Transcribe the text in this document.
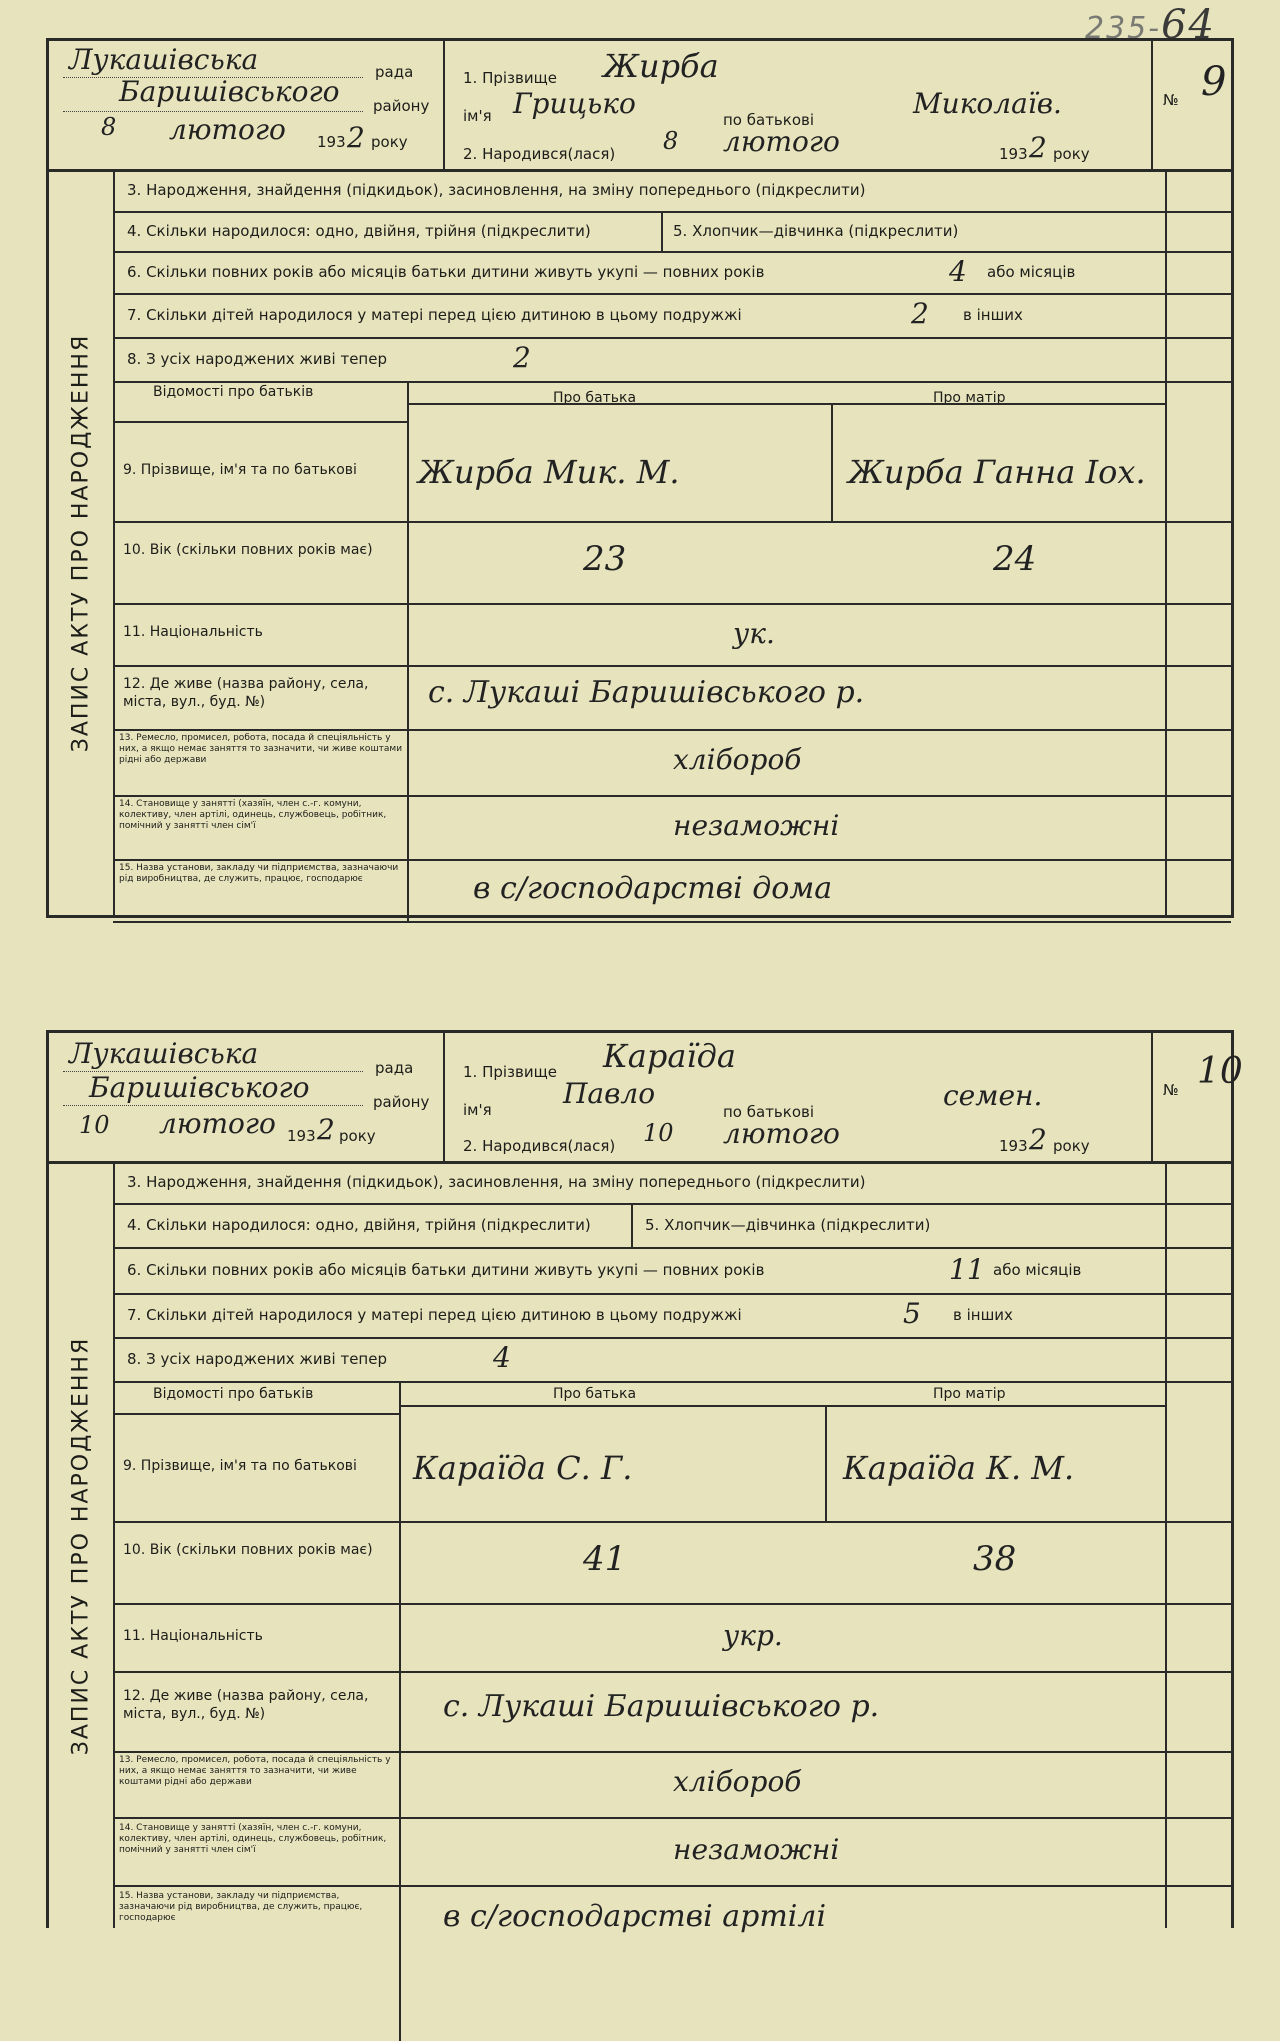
235-64
Лукашівська	рада
Баришівського району
8 лютого 193 2 року
1. Прізвище Жирба
ім'я Грицько	по батькові	Миколаїв.
2. Народився(лася) 8 лютого	193 2 року
№ 9
ЗАПИС АКТУ ПРО НАРОДЖЕННЯ
3. Народження, знайдення (підкидьок), засиновлення, на зміну попереднього (підкреслити)
4. Скільки народилося: одно, двійня, трійня (підкреслити)	5. Хлопчик—дівчинка (підкреслити)
6. Скільки повних років або місяців батьки дитини живуть укупі — повних років	4 або місяців
7. Скільки дітей народилося у матері перед цією дитиною в цьому подружжі	2 в інших
8. З усіх народжених живі тепер	2
Відомості про батьків	Про батька	Про матір
9. Прізвище, ім'я та по батькові Жирба Мик. М.	Жирба Ганна Іох.
10. Вік (скільки повних років має)	23	24
11. Національність	ук.
12. Де живе (назва району, села, міста, вул., буд. №)	с. Лукаші Баришівського р.
13. Ремесло, промисел, робота, посада й спеціяльність у них, а якщо немає заняття то зазначити, чи живе коштами рідні або держави	хлібороб
14. Становище у занятті (хазяїн, член с.-г. комуни, колективу, член артілі, одинець, службовець, робітник, помічний у занятті член сім'ї	незаможні
15. Назва установи, закладу чи підприємства, зазначаючи рід виробництва, де служить, працює, господарює	в с/господарстві дома
Лукашівська	рада
Баришівського	району
10 лютого 193 2 року
1. Прізвище Караїда
ім'я	Павло
по батькові	семен.
2. Народився(лася) 10 лютого	193 2 року
№ 10
ЗАПИС АКТУ ПРО НАРОДЖЕННЯ
3. Народження, знайдення (підкидьок), засиновлення, на зміну попереднього (підкреслити)
4. Скільки народилося: одно, двійня, трійня (підкреслити)	5. Хлопчик—дівчинка (підкреслити)
6. Скільки повних років або місяців батьки дитини живуть укупі — повних років	11 або місяців
7. Скільки дітей народилося у матері перед цією дитиною в цьому подружжі	5 в інших
8. З усіх народжених живі тепер	4
Відомості про батьків	Про батька	Про матір
9. Прізвище, ім'я та по батькові Караїда С. Г.	Караїда К. М.
10. Вік (скільки повних років має)	41	38
11. Національність	укр.
12. Де живе (назва району, села, міста, вул., буд. №)	с. Лукаші Баришівського р.
13. Ремесло, промисел, робота, посада й спеціяльність у них, а якщо немає заняття то зазначити, чи живе коштами рідні або держави	хлібороб
14. Становище у занятті (хазяїн, член с.-г. комуни, колективу, член артілі, одинець, службовець, робітник, помічний у занятті член сім'ї	незаможні
15. Назва установи, закладу чи підприємства, зазначаючи рід виробництва, де служить, працює, господарює	в с/господарстві артілі
